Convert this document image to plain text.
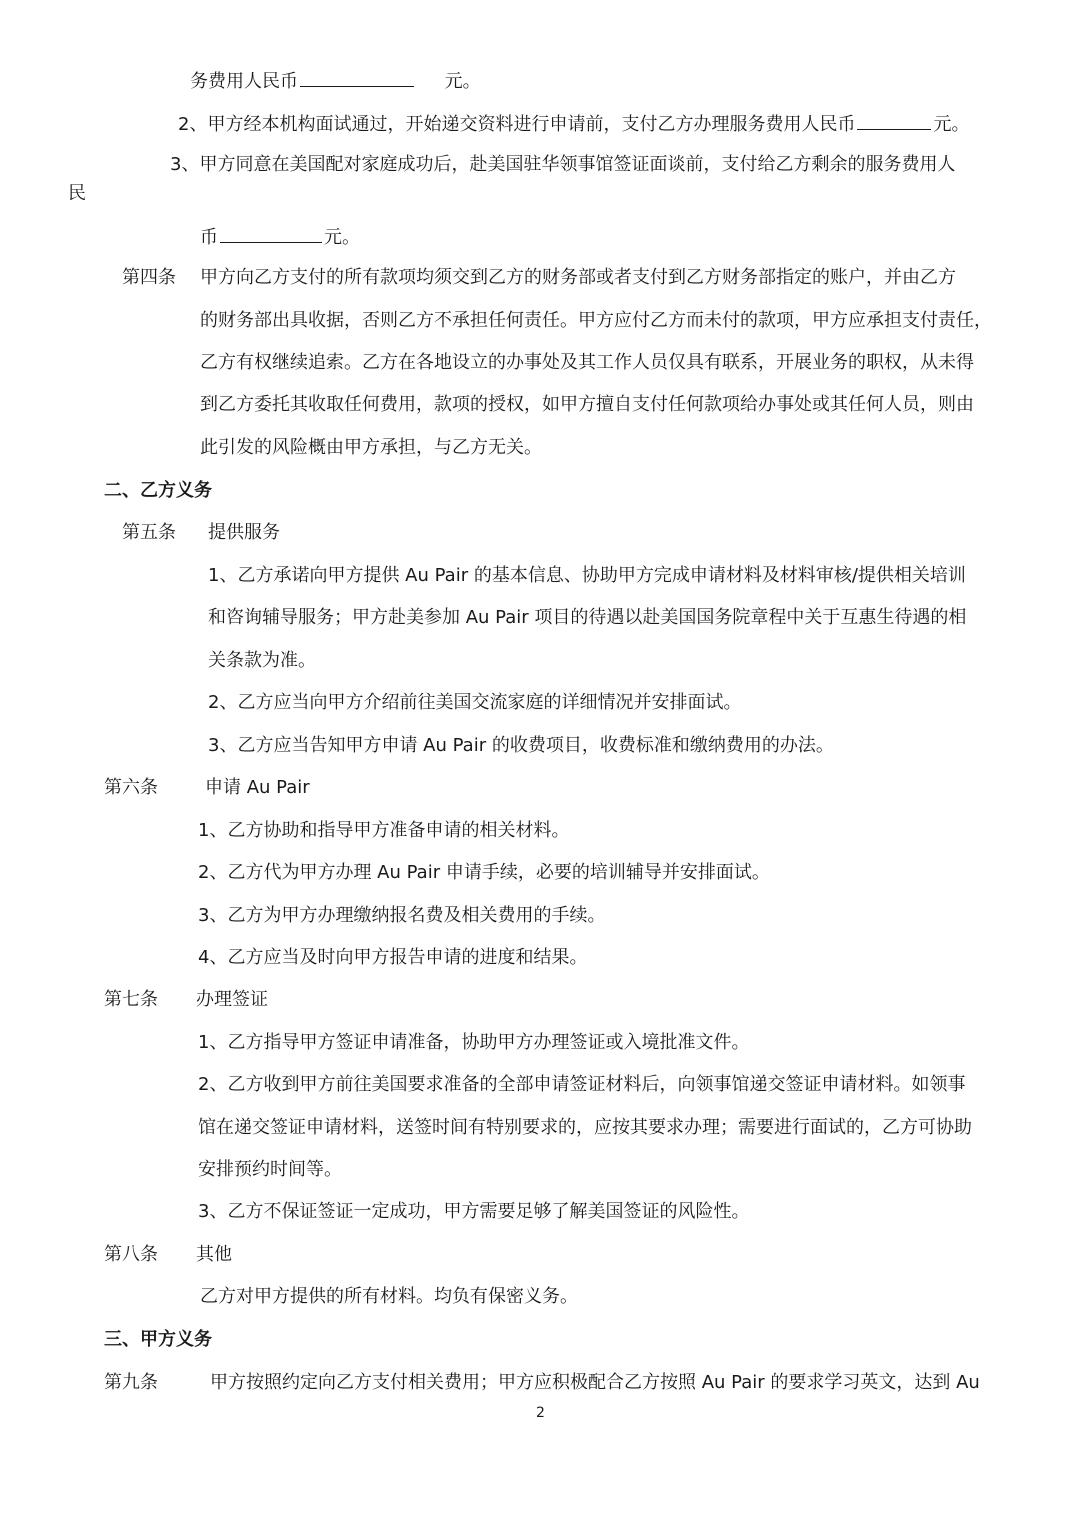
务费用人民币	元。
2、甲方经本机构面试通过，开始递交资料进行申请前，支付乙方办理服务费用人民币	元。
3、甲方同意在美国配对家庭成功后，赴美国驻华领事馆签证面谈前，支付给乙方剩余的服务费用人
民
币	元。
第四条 甲方向乙方支付的所有款项均须交到乙方的财务部或者支付到乙方财务部指定的账户，并由乙方
的财务部出具收据，否则乙方不承担任何责任。甲方应付乙方而未付的款项，甲方应承担支付责任，
乙方有权继续追索。乙方在各地设立的办事处及其工作人员仅具有联系，开展业务的职权，从未得
到乙方委托其收取任何费用，款项的授权，如甲方擅自支付任何款项给办事处或其任何人员，则由
此引发的风险概由甲方承担，与乙方无关。
二、乙方义务
第五条 提供服务
1、乙方承诺向甲方提供 Au Pair 的基本信息、协助甲方完成申请材料及材料审核/提供相关培训
和咨询辅导服务；甲方赴美参加 Au Pair 项目的待遇以赴美国国务院章程中关于互惠生待遇的相
关条款为准。
2、乙方应当向甲方介绍前往美国交流家庭的详细情况并安排面试。
3、乙方应当告知甲方申请 Au Pair 的收费项目，收费标准和缴纳费用的办法。
第六条	申请 Au Pair
1、乙方协助和指导甲方准备申请的相关材料。
2、乙方代为甲方办理 Au Pair 申请手续，必要的培训辅导并安排面试。
3、乙方为甲方办理缴纳报名费及相关费用的手续。
4、乙方应当及时向甲方报告申请的进度和结果。
第七条 办理签证
1、乙方指导甲方签证申请准备，协助甲方办理签证或入境批准文件。
2、乙方收到甲方前往美国要求准备的全部申请签证材料后，向领事馆递交签证申请材料。如领事
馆在递交签证申请材料，送签时间有特别要求的，应按其要求办理；需要进行面试的，乙方可协助
安排预约时间等。
3、乙方不保证签证一定成功，甲方需要足够了解美国签证的风险性。
第八条 其他
乙方对甲方提供的所有材料。均负有保密义务。
三、甲方义务
第九条	甲方按照约定向乙方支付相关费用；甲方应积极配合乙方按照 Au Pair 的要求学习英文，达到 Au
2
